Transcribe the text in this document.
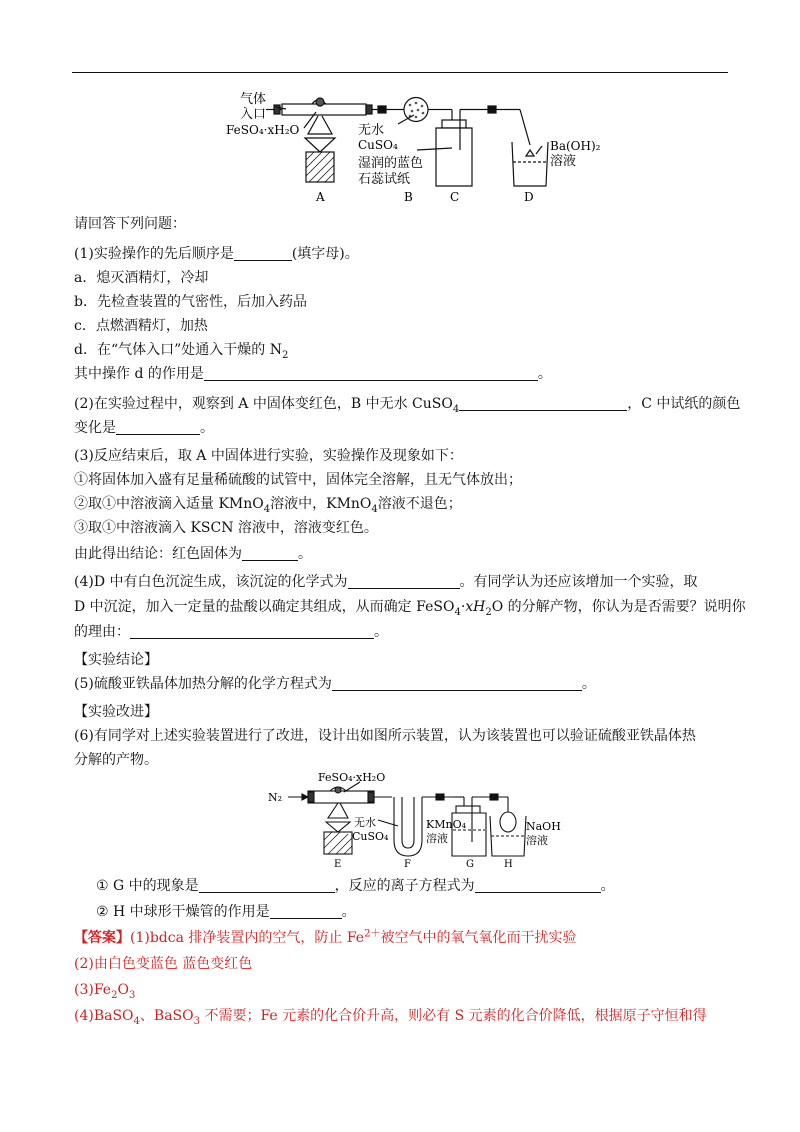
气体
入口
FeSO₄·xH₂O	无水
CuSO₄
湿润的蓝色
石蕊试纸
Ba(OH)₂
溶液
A	B	C	D
请回答下列问题：
(1)实验操作的先后顺序是	(填字母)。
a．熄灭酒精灯，冷却
b．先检查装置的气密性，后加入药品
c．点燃酒精灯，加热
d．在“气体入口”处通入干燥的 $N_2$
其中操作 d 的作用是	。
(2)在实验过程中，观察到 A 中固体变红色，B 中无水 CuSO$_4$	，C 中试纸的颜色
变化是	。
(3)反应结束后，取 A 中固体进行实验，实验操作及现象如下：
①将固体加入盛有足量稀硫酸的试管中，固体完全溶解，且无气体放出；
②取①中溶液滴入适量 KMnO$_4$溶液中，KMnO$_4$溶液不退色；
③取①中溶液滴入 KSCN 溶液中，溶液变红色。
由此得出结论：红色固体为	。
(4)D 中有白色沉淀生成，该沉淀的化学式为	。有同学认为还应该增加一个实验，取
D 中沉淀，加入一定量的盐酸以确定其组成，从而确定 $FeSO_4\cdot xH_2O$ 的分解产物，你认为是否需要？说明你
的理由：	。
【实验结论】
(5)硫酸亚铁晶体加热分解的化学方程式为	。
【实验改进】
(6)有同学对上述实验装置进行了改进，设计出如图所示装置，认为该装置也可以验证硫酸亚铁晶体热
分解的产物。
FeSO₄·xH₂O
N₂
无水
CuSO₄
KMnO₄
溶液
NaOH
溶液
E	F	G	H
① G 中的现象是	，反应的离子方程式为	。
② H 中球形干燥管的作用是	。
【答案】(1)bdca 排净装置内的空气，防止 $Fe^{2+}$被空气中的氧气氧化而干扰实验
(2)由白色变蓝色 蓝色变红色
$(3)Fe_2O_3$
(4)BaSO$_4$、BaSO$_3$ 不需要；Fe 元素的化合价升高，则必有 S 元素的化合价降低，根据原子守恒和得
